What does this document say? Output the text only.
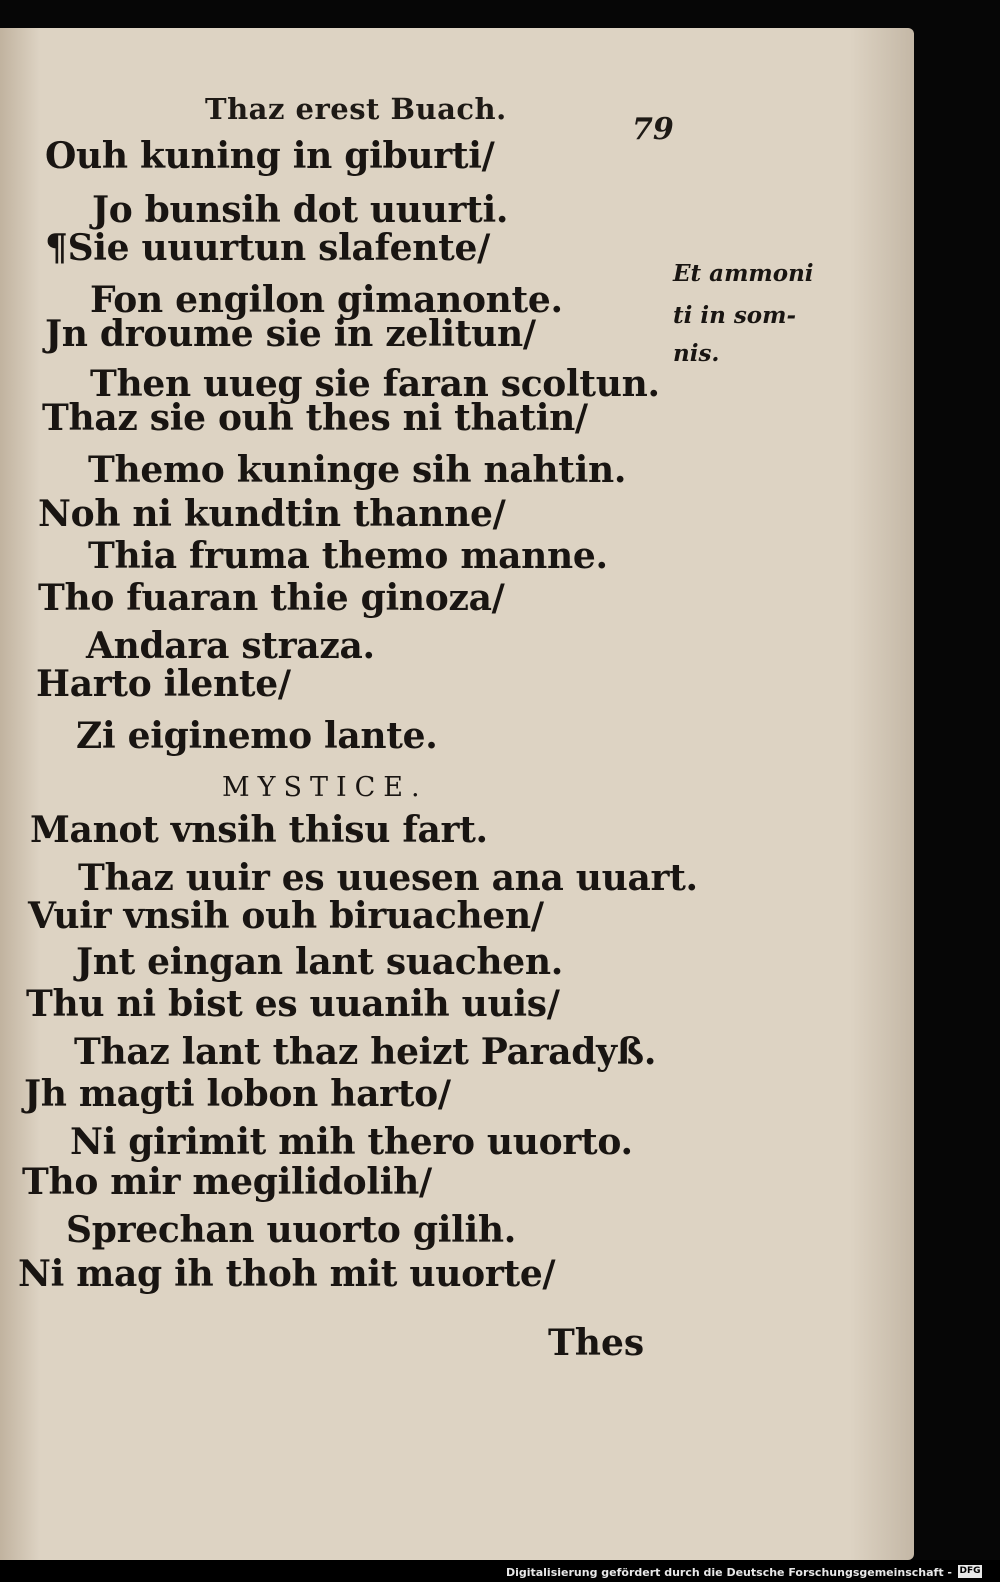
Thaz erest Buach.
79
Ouh kuning in giburti/
Jo bunsih dot uuurti.
¶Sie uuurtun slafente/
Fon engilon gimanonte.
Jn droume sie in zelitun/
Then uueg sie faran scoltun.
Thaz sie ouh thes ni thatin/
Themo kuninge sih nahtin.
Noh ni kundtin thanne/
Thia fruma themo manne.
Tho fuaran thie ginoza/
Andara straza.
Harto ilente/
Zi eiginemo lante.
MYSTICE.
Manot vnsih thisu fart.
Thaz uuir es uuesen ana uuart.
Vuir vnsih ouh biruachen/
Jnt eingan lant suachen.
Thu ni bist es uuanih uuis/
Thaz lant thaz heizt Paradyß.
Jh magti lobon harto/
Ni girimit mih thero uuorto.
Tho mir megilidolih/
Sprechan uuorto gilih.
Ni mag ih thoh mit uuorte/
Thes
Et ammoni
ti in som-
nis.
Digitalisierung gefördert durch die Deutsche Forschungsgemeinschaft - DFG
